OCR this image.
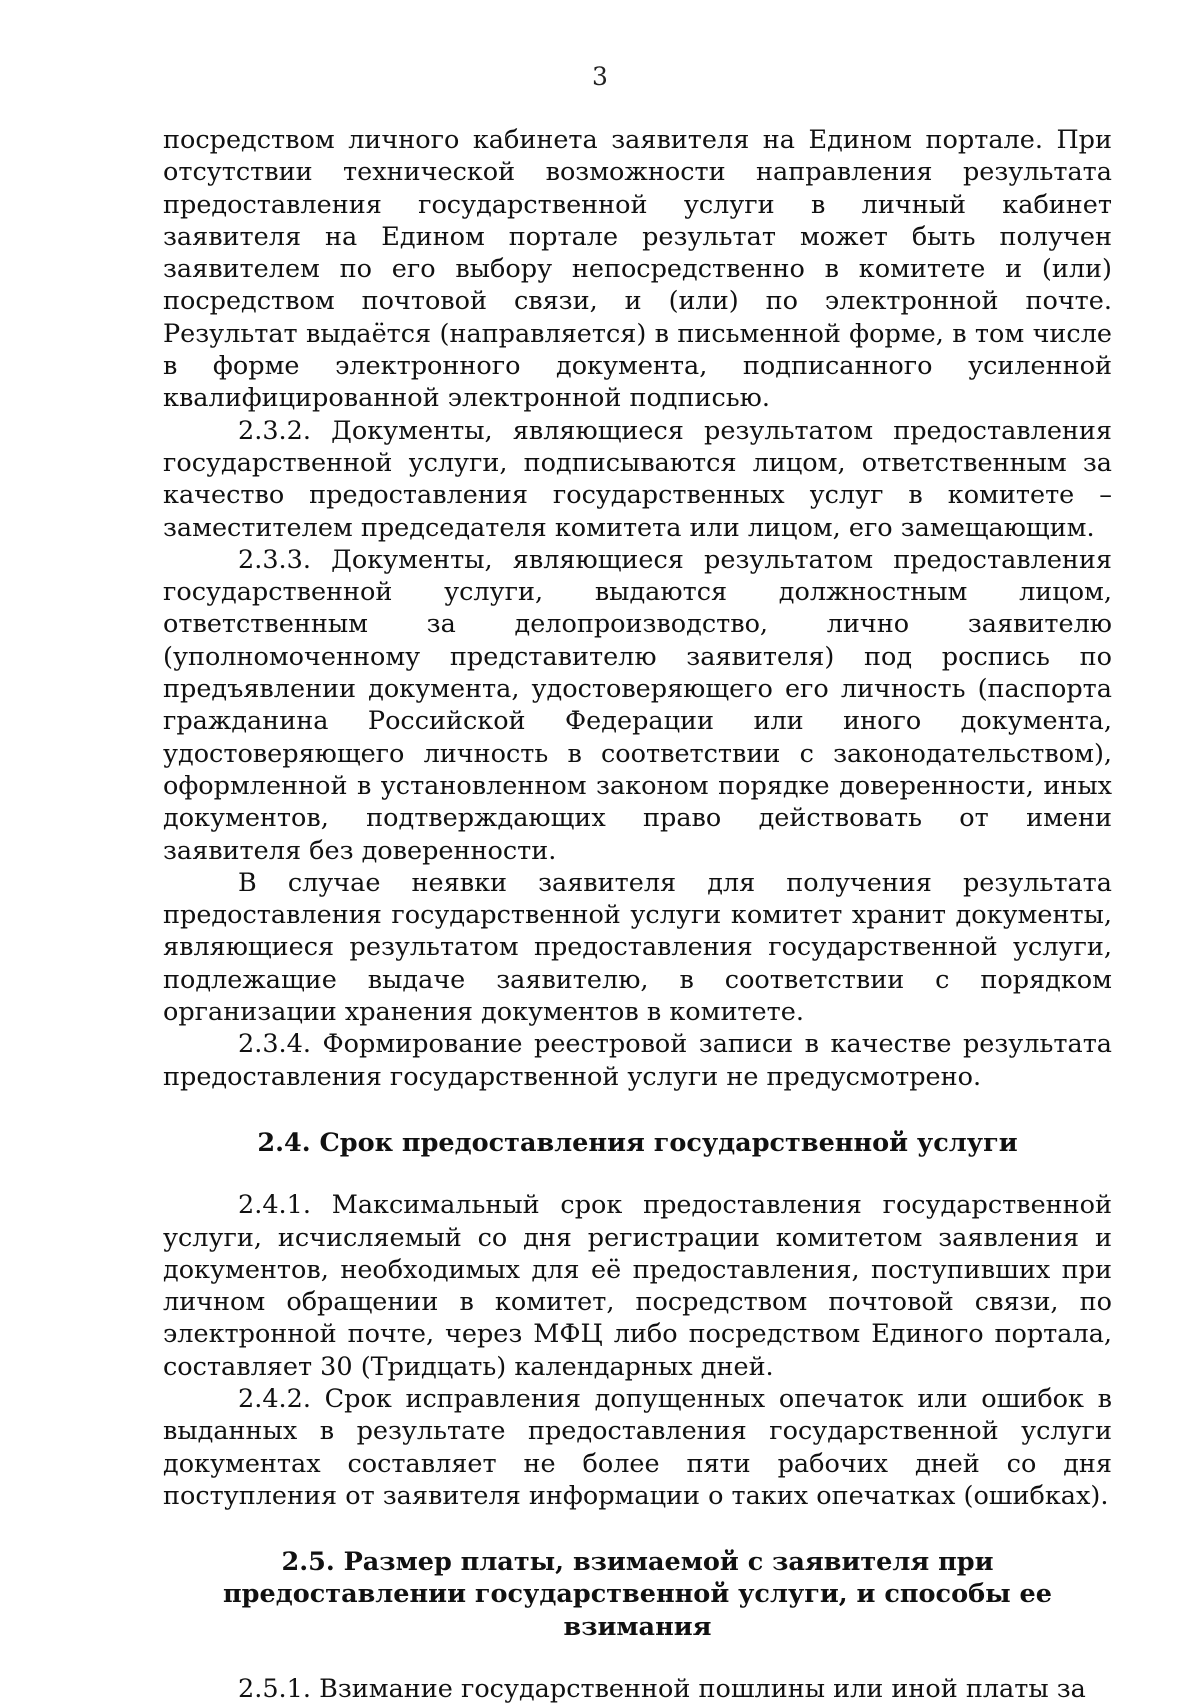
3

посредством личного кабинета заявителя на Едином портале. При отсутствии технической возможности направления результата предоставления государственной услуги в личный кабинет заявителя на Едином портале результат может быть получен заявителем по его выбору непосредственно в комитете и (или) посредством почтовой связи, и (или) по электронной почте. Результат выдаётся (направляется) в письменной форме, в том числе в форме электронного документа, подписанного усиленной квалифицированной электронной подписью.

2.3.2. Документы, являющиеся результатом предоставления государственной услуги, подписываются лицом, ответственным за качество предоставления государственных услуг в комитете – заместителем председателя комитета или лицом, его замещающим.

2.3.3. Документы, являющиеся результатом предоставления государственной услуги, выдаются должностным лицом, ответственным за делопроизводство, лично заявителю (уполномоченному представителю заявителя) под роспись по предъявлении документа, удостоверяющего его личность (паспорта гражданина Российской Федерации или иного документа, удостоверяющего личность в соответствии с законодательством), оформленной в установленном законом порядке доверенности, иных документов, подтверждающих право действовать от имени заявителя без доверенности.

В случае неявки заявителя для получения результата предоставления государственной услуги комитет хранит документы, являющиеся результатом предоставления государственной услуги, подлежащие выдаче заявителю, в соответствии с порядком организации хранения документов в комитете.

2.3.4. Формирование реестровой записи в качестве результата предоставления государственной услуги не предусмотрено.

2.4. Срок предоставления государственной услуги

2.4.1. Максимальный срок предоставления государственной услуги, исчисляемый со дня регистрации комитетом заявления и документов, необходимых для её предоставления, поступивших при личном обращении в комитет, посредством почтовой связи, по электронной почте, через МФЦ либо посредством Единого портала, составляет 30 (Тридцать) календарных дней.

2.4.2. Срок исправления допущенных опечаток или ошибок в выданных в результате предоставления государственной услуги документах составляет не более пяти рабочих дней со дня поступления от заявителя информации о таких опечатках (ошибках).

2.5. Размер платы, взимаемой с заявителя при предоставлении государственной услуги, и способы ее взимания

2.5.1. Взимание государственной пошлины или иной платы за
